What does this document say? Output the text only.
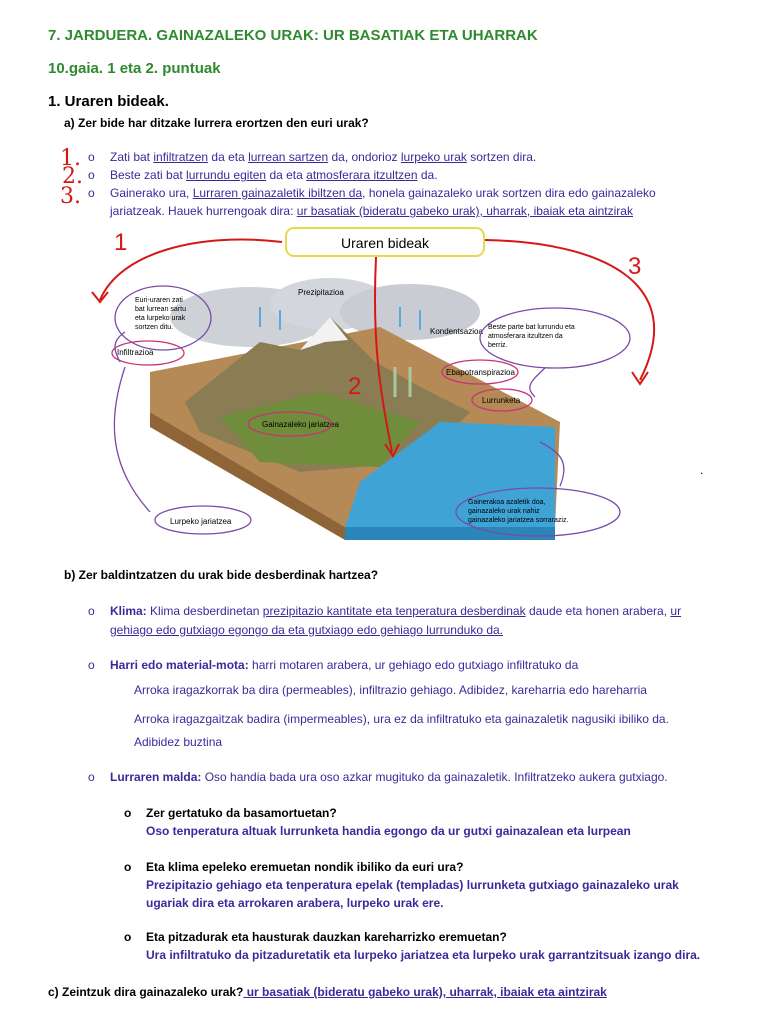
7. JARDUERA. GAINAZALEKO URAK: UR BASATIAK ETA UHARRAK
10.gaia. 1 eta 2. puntuak
1. Uraren bideak.
a) Zer bide har ditzake lurrera erortzen den euri urak?
1.
2.
3.
o Zati bat infiltratzen da eta lurrean sartzen da, ondorioz lurpeko urak sortzen dira.
o Beste zati bat lurrundu egiten da eta atmosferara itzultzen da.
o Gainerako ura, Lurraren gainazaletik ibiltzen da, honela gainazaleko urak sortzen dira edo gainazaleko
jariatzeak. Hauek hurrengoak dira: ur basatiak (bideratu gabeko urak), uharrak, ibaiak eta aintzirak
Uraren bideak
Prezipitazioa
Kondentsazioa
Ebapotranspirazioa
Lurrunketa
Gainazaleko jariatzea
Infiltrazioa
Lurpeko jariatzea
Euri-uraren zati bat lurrean sartu eta lurpeko urak sortzen ditu.	Beste parte bat lurrundu eta atmosferara itzultzen da berriz.
Gainerakoa azaletik doa, gainazaleko urak nahiz gainazaleko jariatzea sorraraziz.
1
3
2
.
b) Zer baldintzatzen du urak bide desberdinak hartzea?
o Klima: Klima desberdinetan prezipitazio kantitate eta tenperatura desberdinak daude eta honen arabera, ur
gehiago edo gutxiago egongo da eta gutxiago edo gehiago lurrunduko da.
o Harri edo material-mota: harri motaren arabera, ur gehiago edo gutxiago infiltratuko da
Arroka iragazkorrak ba dira (permeables), infiltrazio gehiago. Adibidez, kareharria edo hareharria
Arroka iragazgaitzak badira (impermeables), ura ez da infiltratuko eta gainazaletik nagusiki ibiliko da.
Adibidez buztina
o Lurraren malda: Oso handia bada ura oso azkar mugituko da gainazaletik. Infiltratzeko aukera gutxiago.
o Zer gertatuko da basamortuetan?
Oso tenperatura altuak lurrunketa handia egongo da ur gutxi gainazalean eta lurpean
o Eta klima epeleko eremuetan nondik ibiliko da euri ura?
Prezipitazio gehiago eta tenperatura epelak (templadas) lurrunketa gutxiago gainazaleko urak
ugariak dira eta arrokaren arabera, lurpeko urak ere.
o Eta pitzadurak eta hausturak dauzkan kareharrizko eremuetan?
Ura infiltratuko da pitzaduretatik eta lurpeko jariatzea eta lurpeko urak garrantzitsuak izango dira.
c) Zeintzuk dira gainazaleko urak? ur basatiak (bideratu gabeko urak), uharrak, ibaiak eta aintzirak
